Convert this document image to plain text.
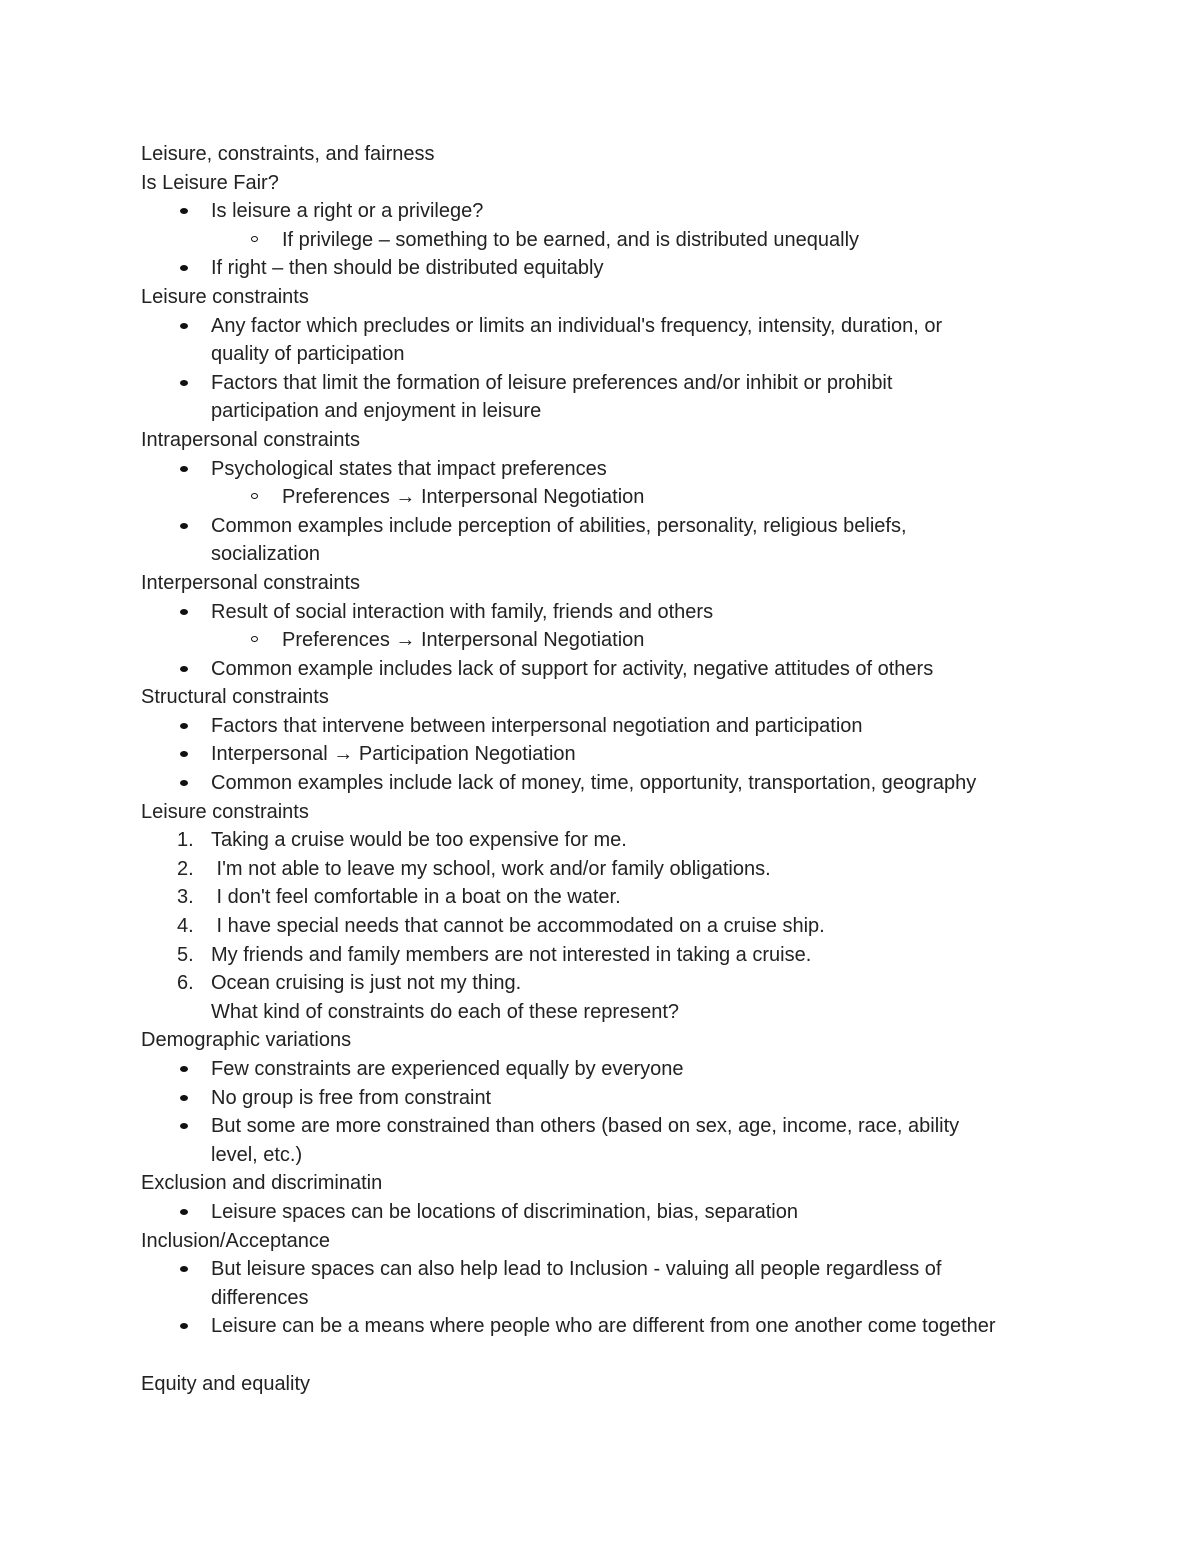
Leisure, constraints, and fairness
Is Leisure Fair?
Is leisure a right or a privilege?
If privilege – something to be earned, and is distributed unequally
If right – then should be distributed equitably
Leisure constraints
Any factor which precludes or limits an individual's frequency, intensity, duration, or
quality of participation
Factors that limit the formation of leisure preferences and/or inhibit or prohibit
participation and enjoyment in leisure
Intrapersonal constraints
Psychological states that impact preferences
Preferences → Interpersonal Negotiation
Common examples include perception of abilities, personality, religious beliefs,
socialization
Interpersonal constraints
Result of social interaction with family, friends and others
Preferences → Interpersonal Negotiation
Common example includes lack of support for activity, negative attitudes of others
Structural constraints
Factors that intervene between interpersonal negotiation and participation
Interpersonal → Participation Negotiation
Common examples include lack of money, time, opportunity, transportation, geography
Leisure constraints
1. Taking a cruise would be too expensive for me.
2. I'm not able to leave my school, work and/or family obligations.
3. I don't feel comfortable in a boat on the water.
4. I have special needs that cannot be accommodated on a cruise ship.
5. My friends and family members are not interested in taking a cruise.
6. Ocean cruising is just not my thing.
What kind of constraints do each of these represent?
Demographic variations
Few constraints are experienced equally by everyone
No group is free from constraint
But some are more constrained than others (based on sex, age, income, race, ability
level, etc.)
Exclusion and discriminatin
Leisure spaces can be locations of discrimination, bias, separation
Inclusion/Acceptance
But leisure spaces can also help lead to Inclusion - valuing all people regardless of
differences
Leisure can be a means where people who are different from one another come together
Equity and equality
